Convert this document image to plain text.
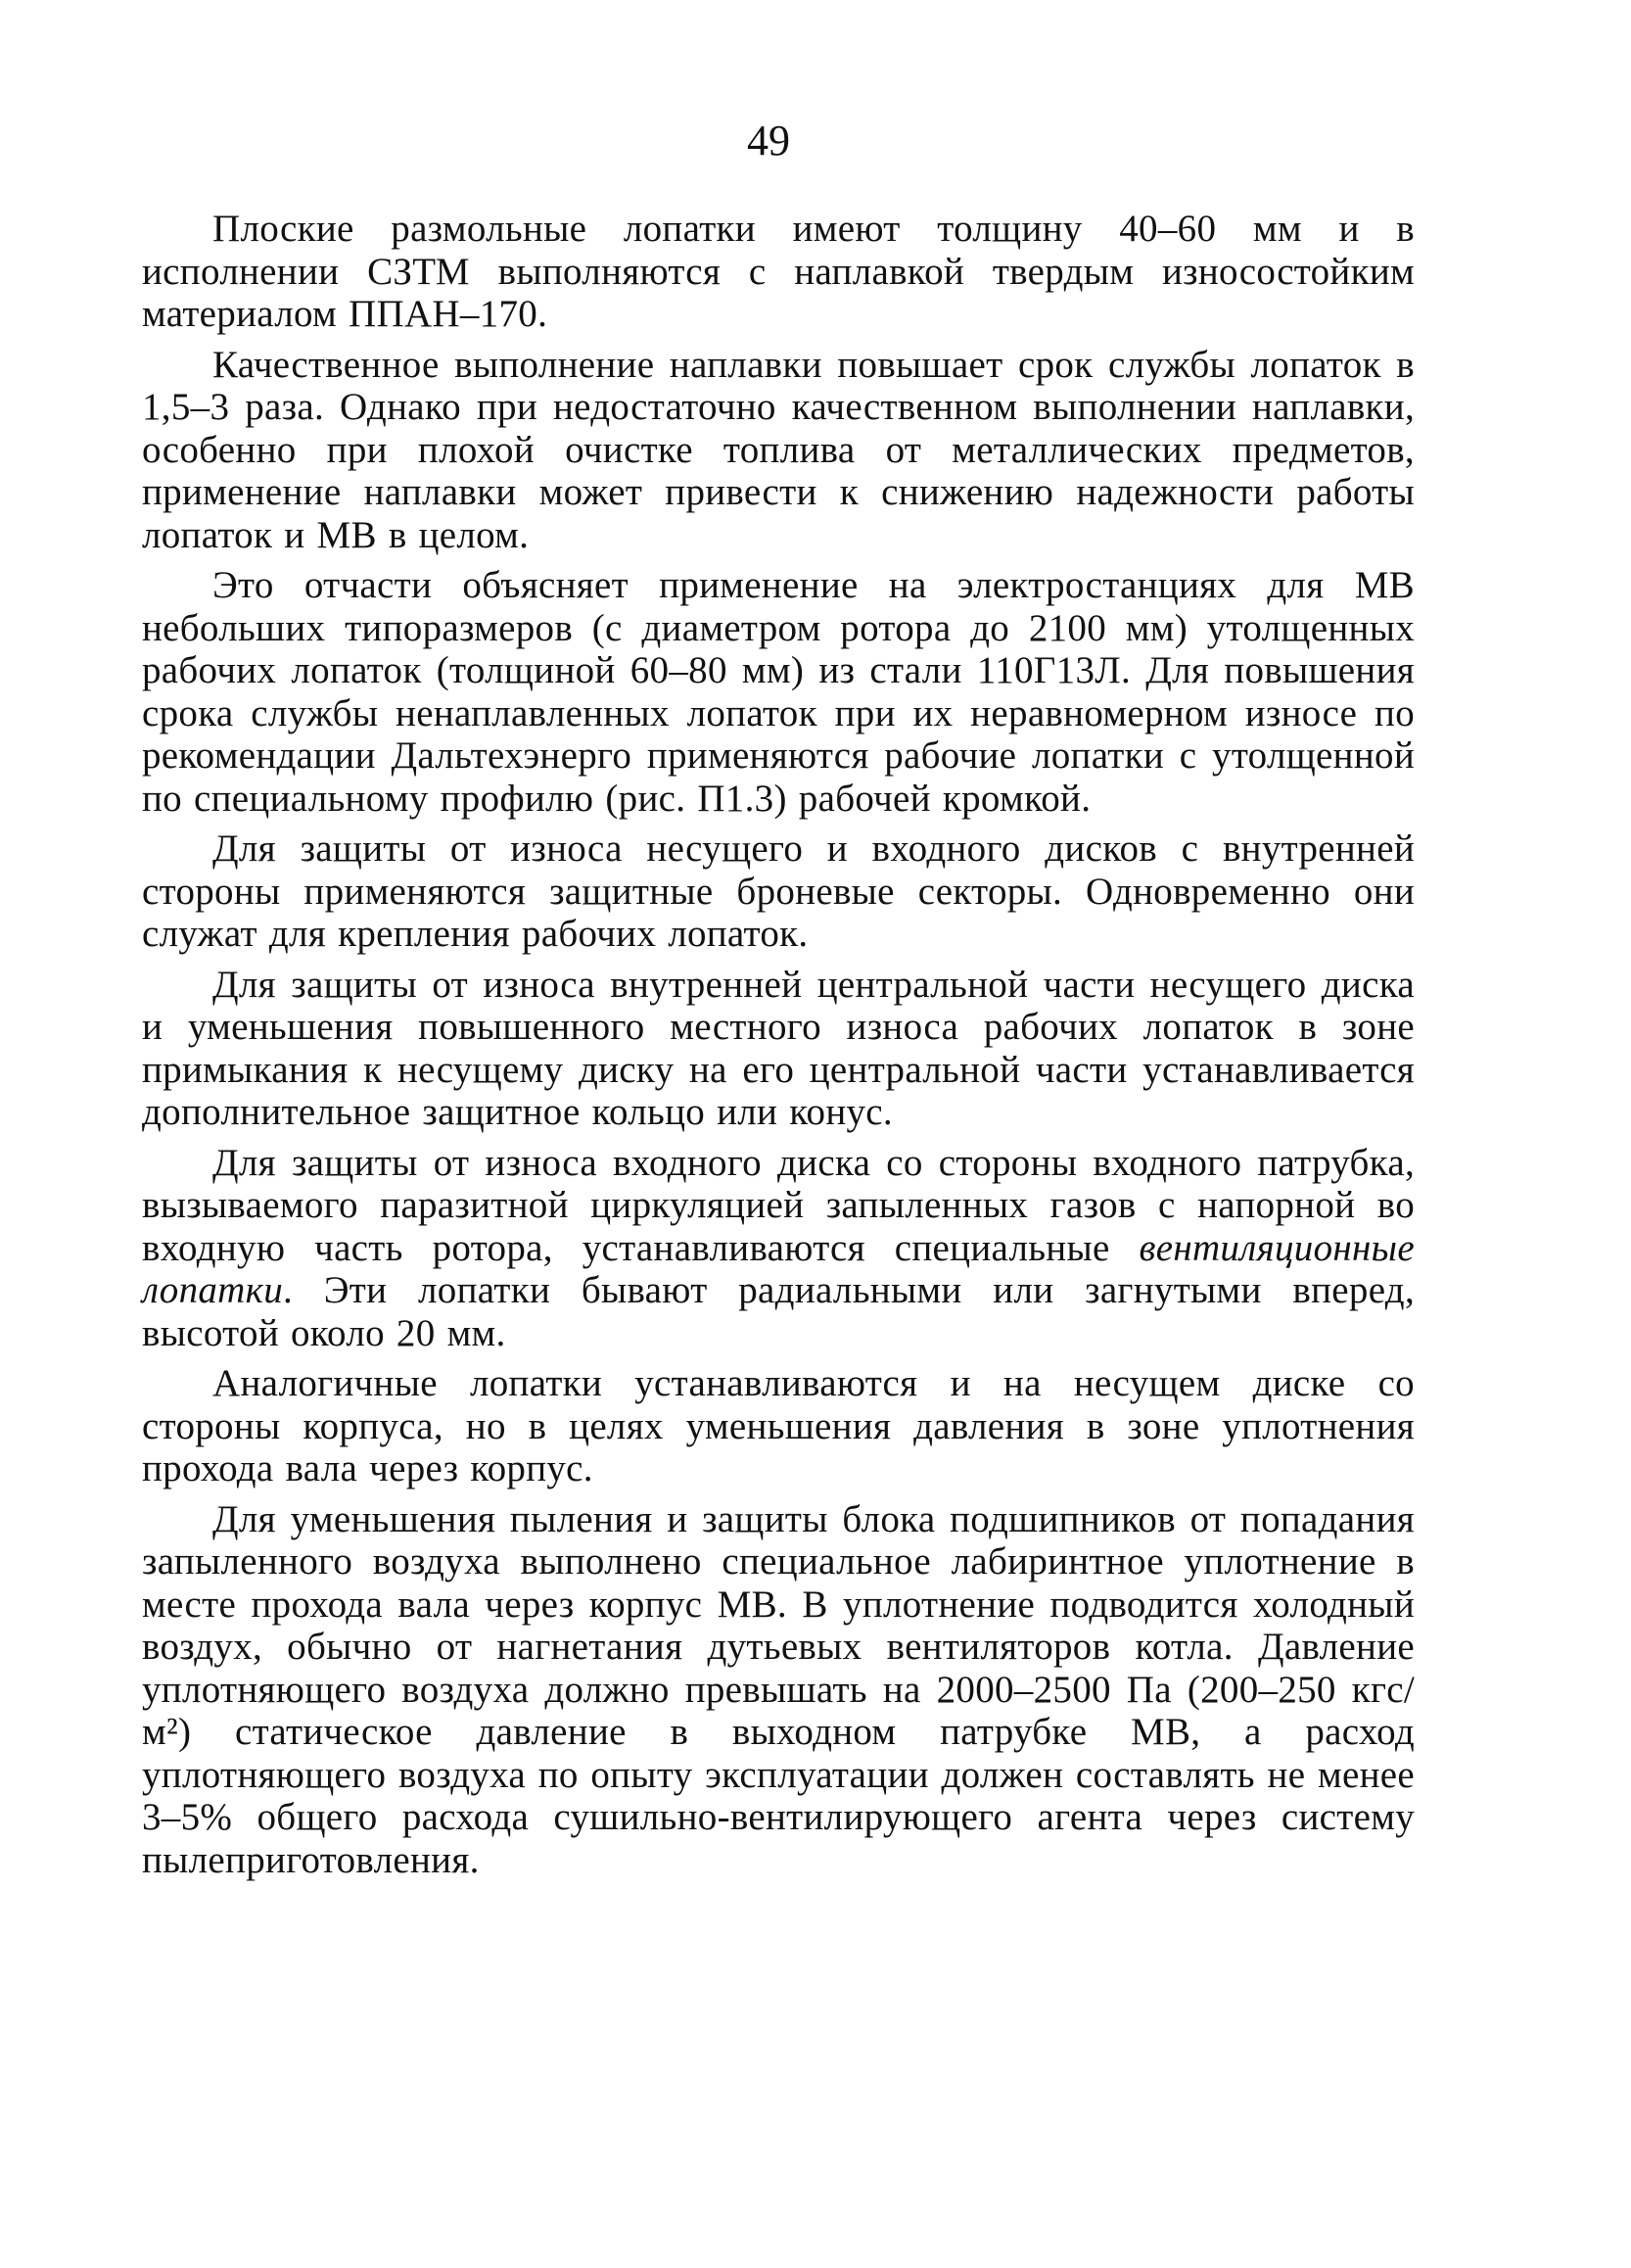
49

Плоские размольные лопатки имеют толщину 40–60 мм и в исполнении СЗТМ выполняются с наплавкой твердым износостойким материалом ППАН–170.

Качественное выполнение наплавки повышает срок службы лопаток в 1,5–3 раза. Однако при недостаточно качественном выполнении наплавки, особенно при плохой очистке топлива от металлических предметов, применение наплавки может привести к снижению надежности работы лопаток и МВ в целом.

Это отчасти объясняет применение на электростанциях для МВ небольших типоразмеров (с диаметром ротора до 2100 мм) утолщенных рабочих лопаток (толщиной 60–80 мм) из стали 110Г13Л. Для повышения срока службы ненаплавленных лопаток при их неравномерном износе по рекомендации Дальтехэнерго применяются рабочие лопатки с утолщенной по специальному профилю (рис. П1.3) рабочей кромкой.

Для защиты от износа несущего и входного дисков с внутренней стороны применяются защитные броневые секторы. Одновременно они служат для крепления рабочих лопаток.

Для защиты от износа внутренней центральной части несущего диска и уменьшения повышенного местного износа рабочих лопаток в зоне примыкания к несущему диску на его центральной части устанавливается дополнительное защитное кольцо или конус.

Для защиты от износа входного диска со стороны входного патрубка, вызываемого паразитной циркуляцией запыленных газов с напорной во входную часть ротора, устанавливаются специальные вентиляционные лопатки. Эти лопатки бывают радиальными или загнутыми вперед, высотой около 20 мм.

Аналогичные лопатки устанавливаются и на несущем диске со стороны корпуса, но в целях уменьшения давления в зоне уплотнения прохода вала через корпус.

Для уменьшения пыления и защиты блока подшипников от попадания запыленного воздуха выполнено специальное лабиринтное уплотнение в месте прохода вала через корпус МВ. В уплотнение подводится холодный воздух, обычно от нагнетания дутьевых вентиляторов котла. Давление уплотняющего воздуха должно превышать на 2000–2500 Па (200–250 кгс/м²) статическое давление в выходном патрубке МВ, а расход уплотняющего воздуха по опыту эксплуатации должен составлять не менее 3–5% общего расхода сушильно-вентилирующего агента через систему пылеприготовления.
